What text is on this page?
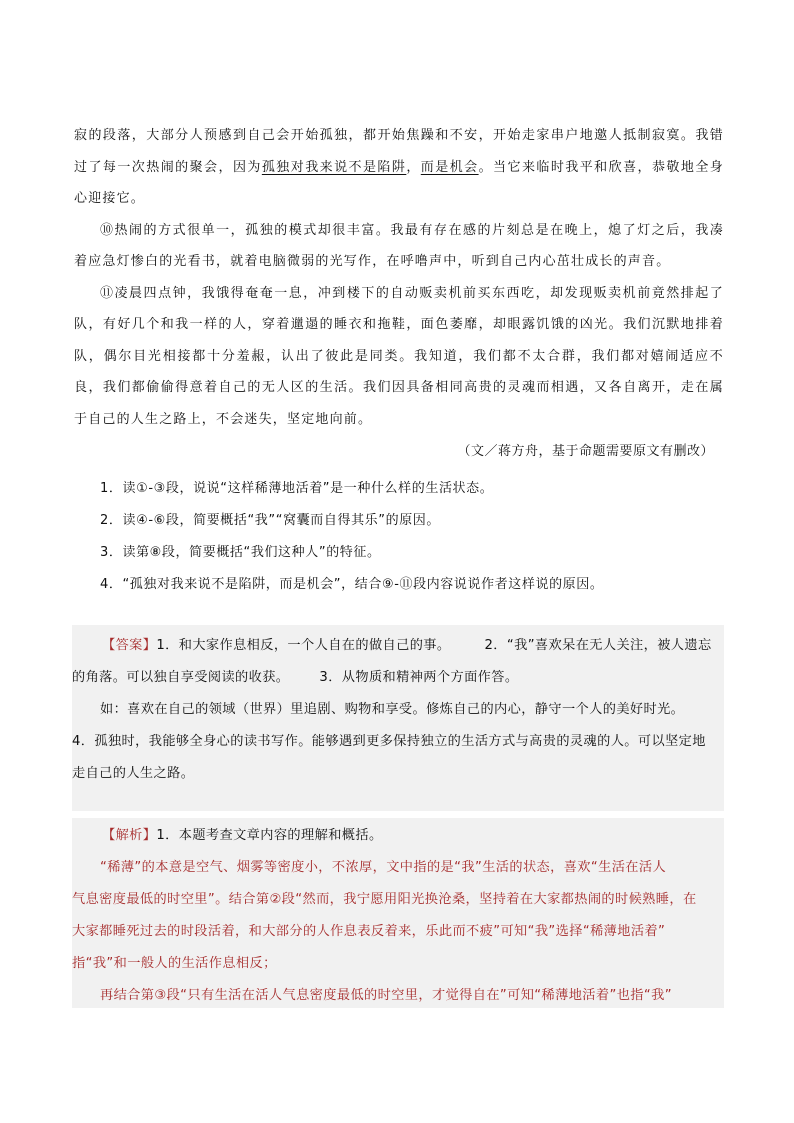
寂的段落，大部分人预感到自己会开始孤独，都开始焦躁和不安，开始走家串户地邀人抵制寂寞。我错过了每一次热闹的聚会，因为孤独对我来说不是陷阱，而是机会。当它来临时我平和欣喜，恭敬地全身心迎接它。

⑩热闹的方式很单一，孤独的模式却很丰富。我最有存在感的片刻总是在晚上，熄了灯之后，我凑着应急灯惨白的光看书，就着电脑微弱的光写作，在呼噜声中，听到自己内心茁壮成长的声音。

⑪凌晨四点钟，我饿得奄奄一息，冲到楼下的自动贩卖机前买东西吃，却发现贩卖机前竟然排起了队，有好几个和我一样的人，穿着邋遢的睡衣和拖鞋，面色萎靡，却眼露饥饿的凶光。我们沉默地排着队，偶尔目光相接都十分羞赧，认出了彼此是同类。我知道，我们都不太合群，我们都对嬉闹适应不良，我们都偷偷得意着自己的无人区的生活。我们因具备相同高贵的灵魂而相遇，又各自离开，走在属于自己的人生之路上，不会迷失，坚定地向前。

（文／蒋方舟，基于命题需要原文有删改）
1．读①-③段，说说“这样稀薄地活着”是一种什么样的生活状态。
2．读④-⑥段，简要概括“我”“窝囊而自得其乐”的原因。
3．读第⑧段，简要概括“我们这种人”的特征。
4．“孤独对我来说不是陷阱，而是机会”，结合⑨-⑪段内容说说作者这样说的原因。
【答案】1．和大家作息相反，一个人自在的做自己的事。	2．“我”喜欢呆在无人关注，被人遗忘
的角落。可以独自享受阅读的收获。 3．从物质和精神两个方面作答。
如：喜欢在自己的领域（世界）里追剧、购物和享受。修炼自己的内心，静守一个人的美好时光。
4．孤独时，我能够全身心的读书写作。能够遇到更多保持独立的生活方式与高贵的灵魂的人。可以坚定地
走自己的人生之路。
【解析】1．本题考查文章内容的理解和概括。
“稀薄”的本意是空气、烟雾等密度小，不浓厚，文中指的是“我”生活的状态，喜欢“生活在活人
气息密度最低的时空里”。结合第②段“然而，我宁愿用阳光换沧桑，坚持着在大家都热闹的时候熟睡，在
大家都睡死过去的时段活着，和大部分的人作息表反着来，乐此而不疲”可知“我”选择“稀薄地活着”
指“我”和一般人的生活作息相反；
再结合第③段“只有生活在活人气息密度最低的时空里，才觉得自在”可知“稀薄地活着”也指“我”
